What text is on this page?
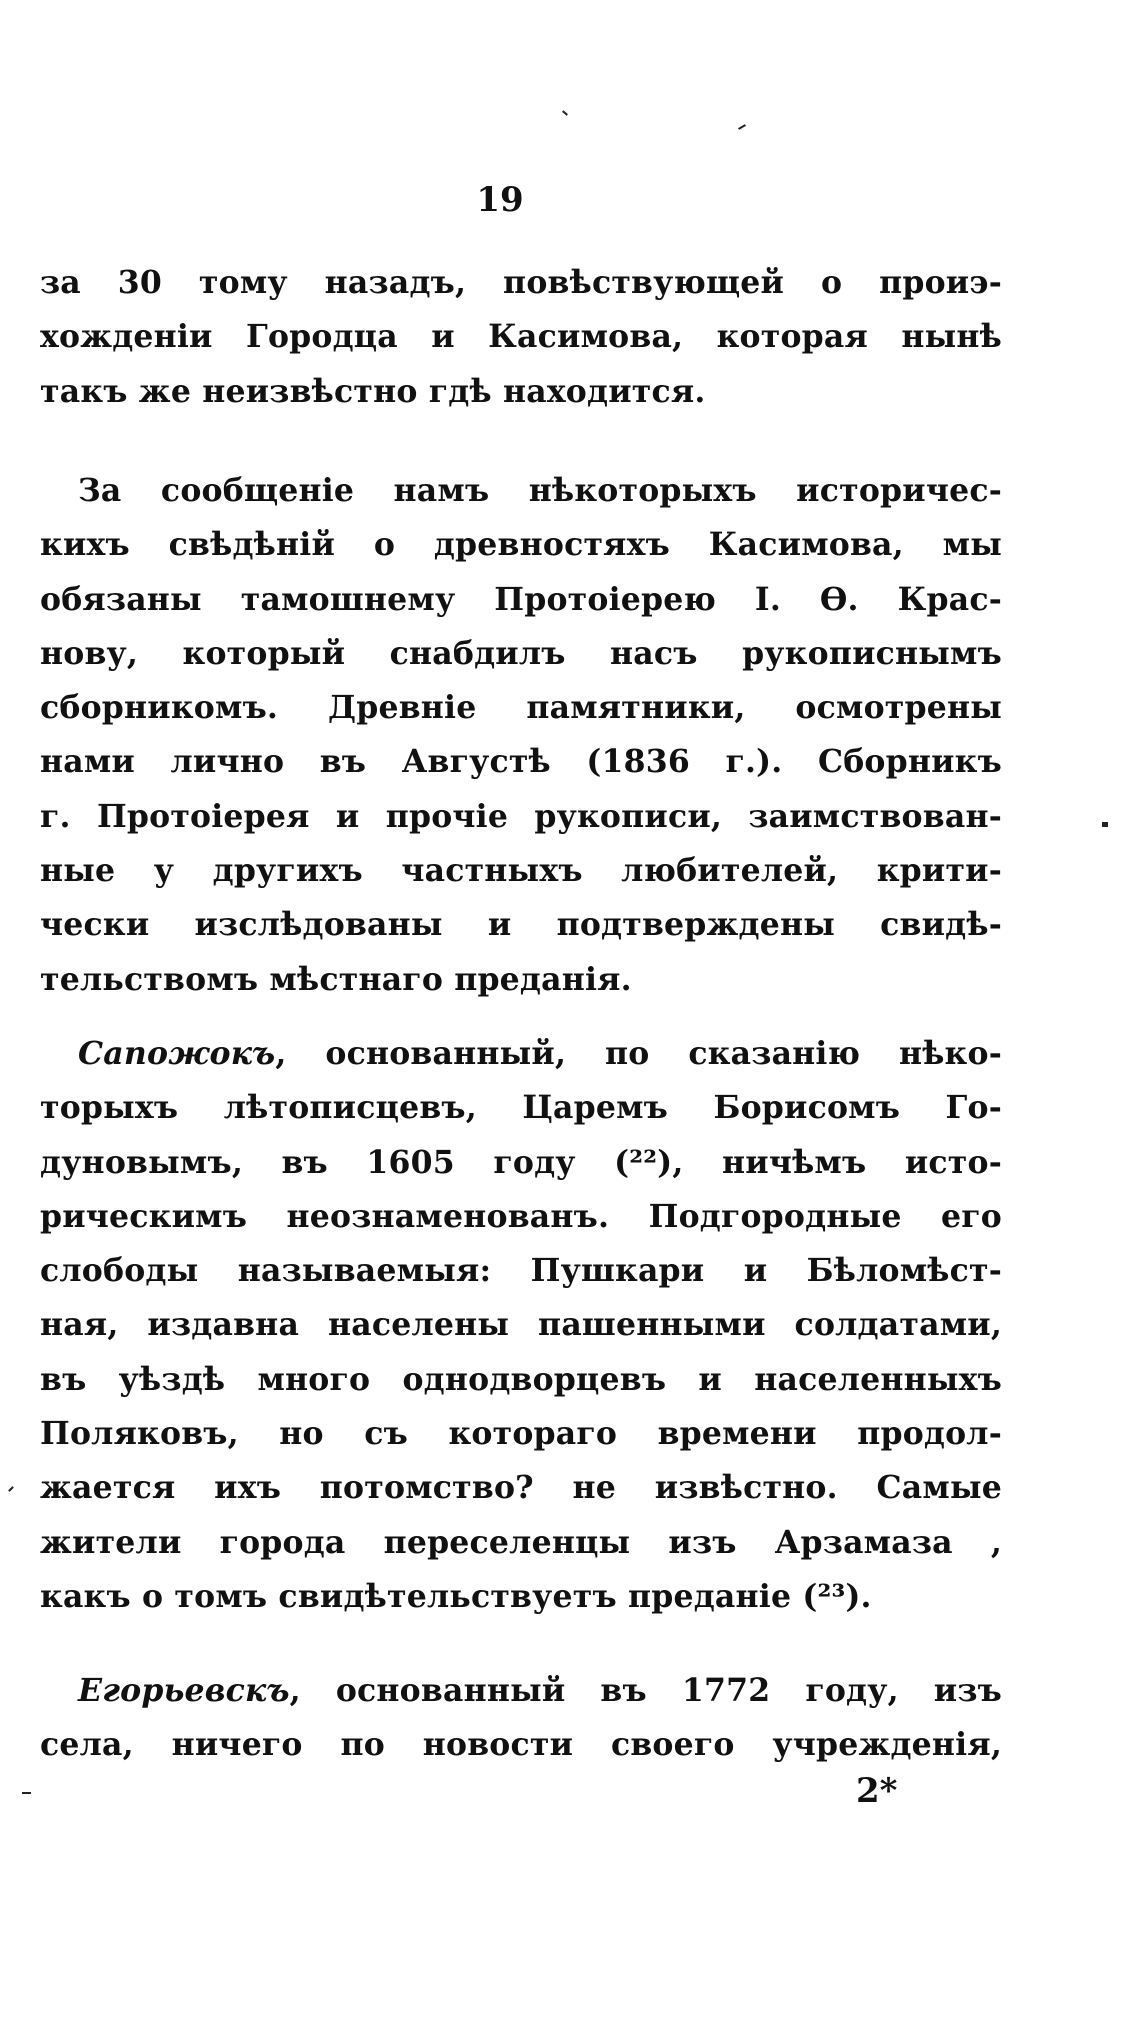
19
за 30 тому назадъ, повѣствующей о проиэ-
хожденіи Городца и Касимова, которая нынѣ
такъ же неизвѣстно гдѣ находится.
За сообщеніе намъ нѣкоторыхъ историчес-
кихъ свѣдѣній о древностяхъ Касимова, мы
обязаны тамошнему Протоіерею І. Ѳ. Крас-
нову, который снабдилъ насъ рукописнымъ
сборникомъ. Древніе памятники, осмотрены
нами лично въ Августѣ (1836 г.). Сборникъ
г. Протоіерея и прочіе рукописи, заимствован-
ные у другихъ частныхъ любителей, крити-
чески изслѣдованы и подтверждены свидѣ-
тельствомъ мѣстнаго преданія.
Сапожокъ, основанный, по сказанію нѣко-
торыхъ лѣтописцевъ, Царемъ Борисомъ Го-
дуновымъ, въ 1605 году (²²), ничѣмъ исто-
рическимъ неознаменованъ. Подгородные его
слободы называемыя: Пушкари и Бѣломѣст-
ная, издавна населены пашенными солдатами,
въ уѣздѣ много однодворцевъ и населенныхъ
Поляковъ, но съ котораго времени продол-
жается ихъ потомство? не извѣстно. Самые
жители города переселенцы изъ Арзамаза ,
какъ о томъ свидѣтельствуетъ преданіе (²³).
Егорьевскъ, основанный въ 1772 году, изъ
села, ничего по новости своего учрежденія,
2*
